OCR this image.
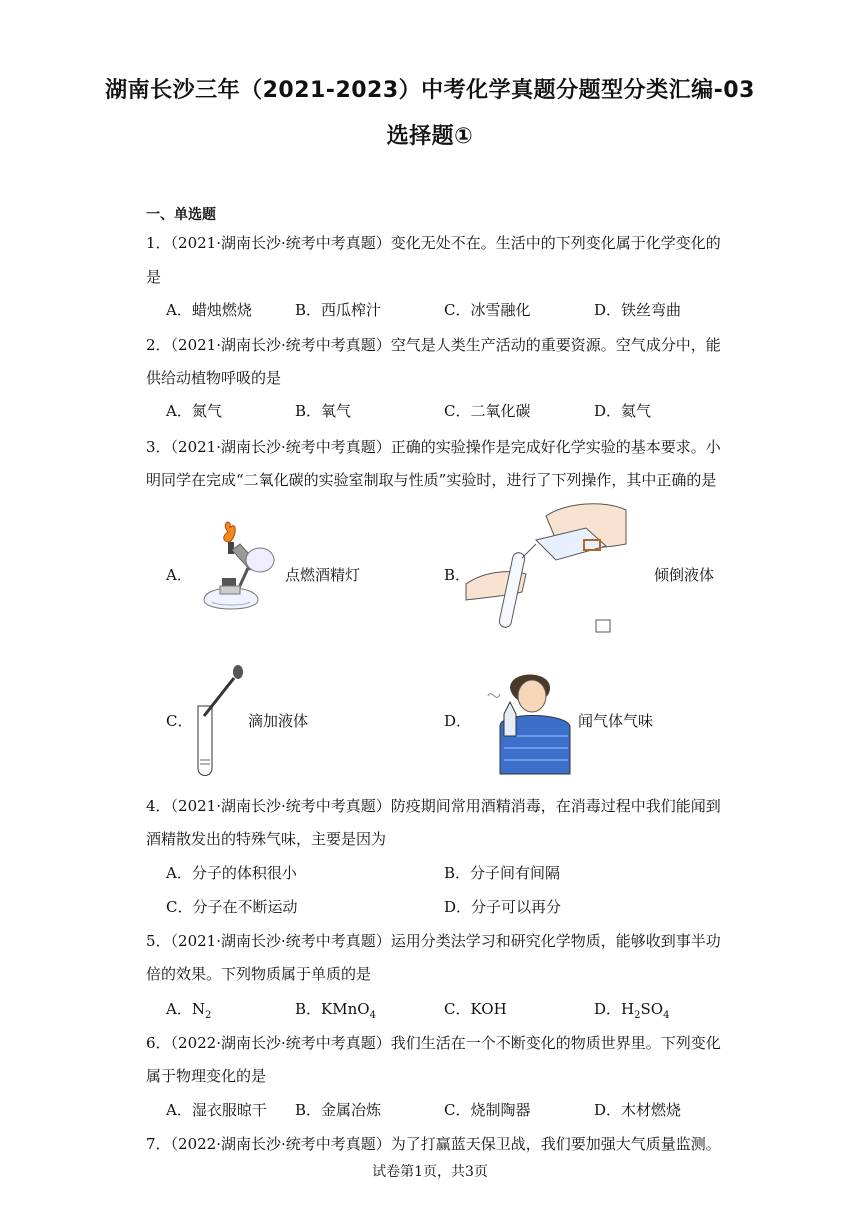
湖南长沙三年（2021-2023）中考化学真题分题型分类汇编-03
选择题①
一、单选题
1．（2021·湖南长沙·统考中考真题）变化无处不在。生活中的下列变化属于化学变化的
是
A．蜡烛燃烧	B．西瓜榨汁	C．冰雪融化	D．铁丝弯曲
2．（2021·湖南长沙·统考中考真题）空气是人类生产活动的重要资源。空气成分中，能
供给动植物呼吸的是
A．氮气	B．氧气	C．二氧化碳	D．氦气
3．（2021·湖南长沙·统考中考真题）正确的实验操作是完成好化学实验的基本要求。小
明同学在完成“二氧化碳的实验室制取与性质”实验时，进行了下列操作，其中正确的是
A．	点燃酒精灯	B．	倾倒液体
C．	滴加液体	D．	闻气体气味
4．（2021·湖南长沙·统考中考真题）防疫期间常用酒精消毒，在消毒过程中我们能闻到
酒精散发出的特殊气味，主要是因为
A．分子的体积很小	B．分子间有间隔
C．分子在不断运动	D．分子可以再分
5．（2021·湖南长沙·统考中考真题）运用分类法学习和研究化学物质，能够收到事半功
倍的效果。下列物质属于单质的是
A．$N_2$	B．KMnO$_4$	C．KOH	D．$H_2SO_4$
6．（2022·湖南长沙·统考中考真题）我们生活在一个不断变化的物质世界里。下列变化
属于物理变化的是
A．湿衣服晾干 B．金属冶炼	C．烧制陶器	D．木材燃烧
7．（2022·湖南长沙·统考中考真题）为了打赢蓝天保卫战，我们要加强大气质量监测。
试卷第1页，共3页
